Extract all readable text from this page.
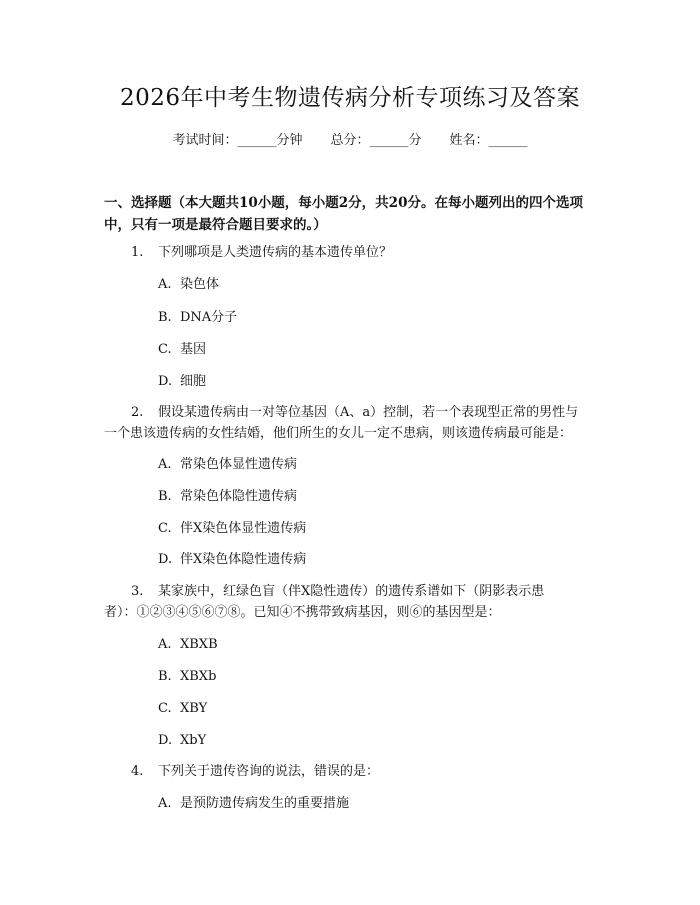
2026年中考生物遗传病分析专项练习及答案
考试时间：______分钟 总分：______分 姓名：______
一、选择题（本大题共10小题，每小题2分，共20分。在每小题列出的四个选项中，只有一项是最符合题目要求的。）
1. 下列哪项是人类遗传病的基本遗传单位？
A. 染色体
B. DNA分子
C. 基因
D. 细胞
2. 假设某遗传病由一对等位基因（A、a）控制，若一个表现型正常的男性与
一个患该遗传病的女性结婚，他们所生的女儿一定不患病，则该遗传病最可能是：
A. 常染色体显性遗传病
B. 常染色体隐性遗传病
C. 伴X染色体显性遗传病
D. 伴X染色体隐性遗传病
3. 某家族中，红绿色盲（伴X隐性遗传）的遗传系谱如下（阴影表示患
者）：①②③④⑤⑥⑦⑧。已知④不携带致病基因，则⑥的基因型是：
A. XBXB
B. XBXb
C. XBY
D. XbY
4. 下列关于遗传咨询的说法，错误的是：
A. 是预防遗传病发生的重要措施
